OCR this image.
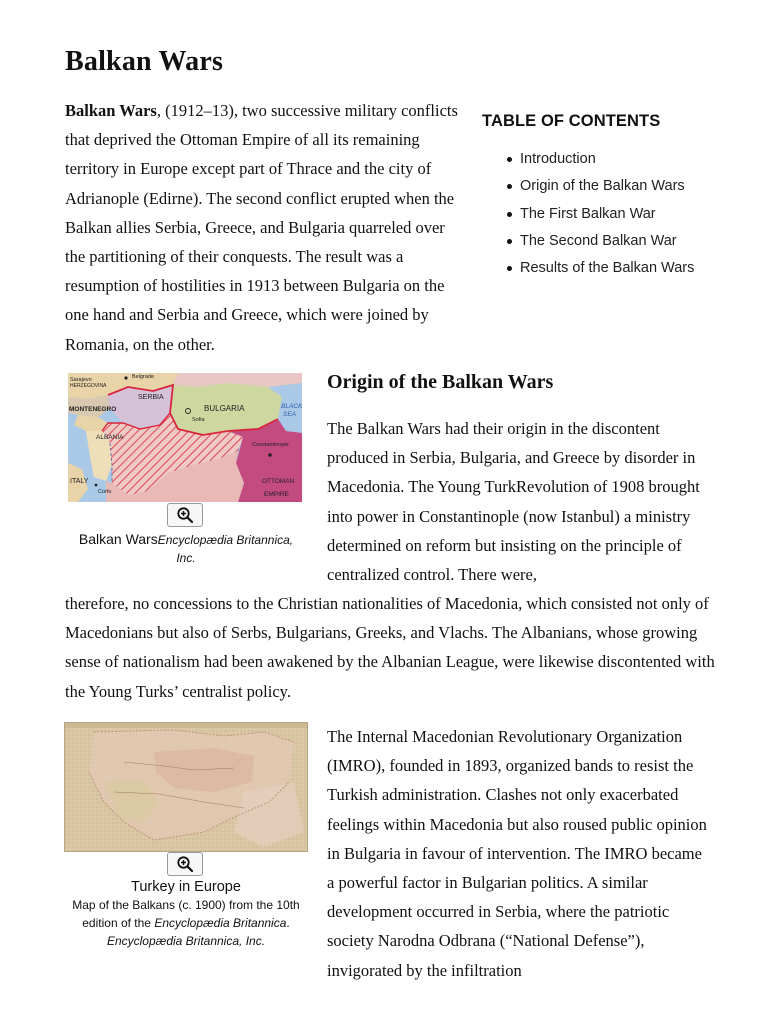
Balkan Wars

Balkan Wars, (1912–13), two successive military conflicts that deprived the Ottoman Empire of all its remaining territory in Europe except part of Thrace and the city of Adrianople (Edirne). The second conflict erupted when the Balkan allies Serbia, Greece, and Bulgaria quarreled over the partitioning of their conquests. The result was a resumption of hostilities in 1913 between Bulgaria on the one hand and Serbia and Greece, which were joined by Romania, on the other.

TABLE OF CONTENTS
Introduction
Origin of the Balkan Wars
The First Balkan War
The Second Balkan War
Results of the Balkan Wars
Sarajevo
HERZEGOVINA
Belgrade
MONTENEGRO
SERBIA
BULGARIA
Sofia
BLACK
SEA
ALBANIA
Constantinople
ITALY
Corfu
OTTOMAN
EMPIRE
Balkan WarsEncyclopædia Britannica,
Inc.
Origin of the Balkan Wars

The Balkan Wars had their origin in the discontent produced in Serbia, Bulgaria, and Greece by disorder in Macedonia. The Young TurkRevolution of 1908 brought into power in Constantinople (now Istanbul) a ministry determined on reform but insisting on the principle of centralized control. There were,

therefore, no concessions to the Christian nationalities of Macedonia, which consisted not only of Macedonians but also of Serbs, Bulgarians, Greeks, and Vlachs. The Albanians, whose growing sense of nationalism had been awakened by the Albanian League, were likewise discontented with the Young Turks’ centralist policy.

Turkey in Europe
Map of the Balkans (c. 1900) from the 10th edition of the Encyclopædia Britannica.
Encyclopædia Britannica, Inc.

The Internal Macedonian Revolutionary Organization (IMRO), founded in 1893, organized bands to resist the Turkish administration. Clashes not only exacerbated feelings within Macedonia but also roused public opinion in Bulgaria in favour of intervention. The IMRO became a powerful factor in Bulgarian politics. A similar development occurred in Serbia, where the patriotic society Narodna Odbrana (“National Defense”), invigorated by the infiltration
